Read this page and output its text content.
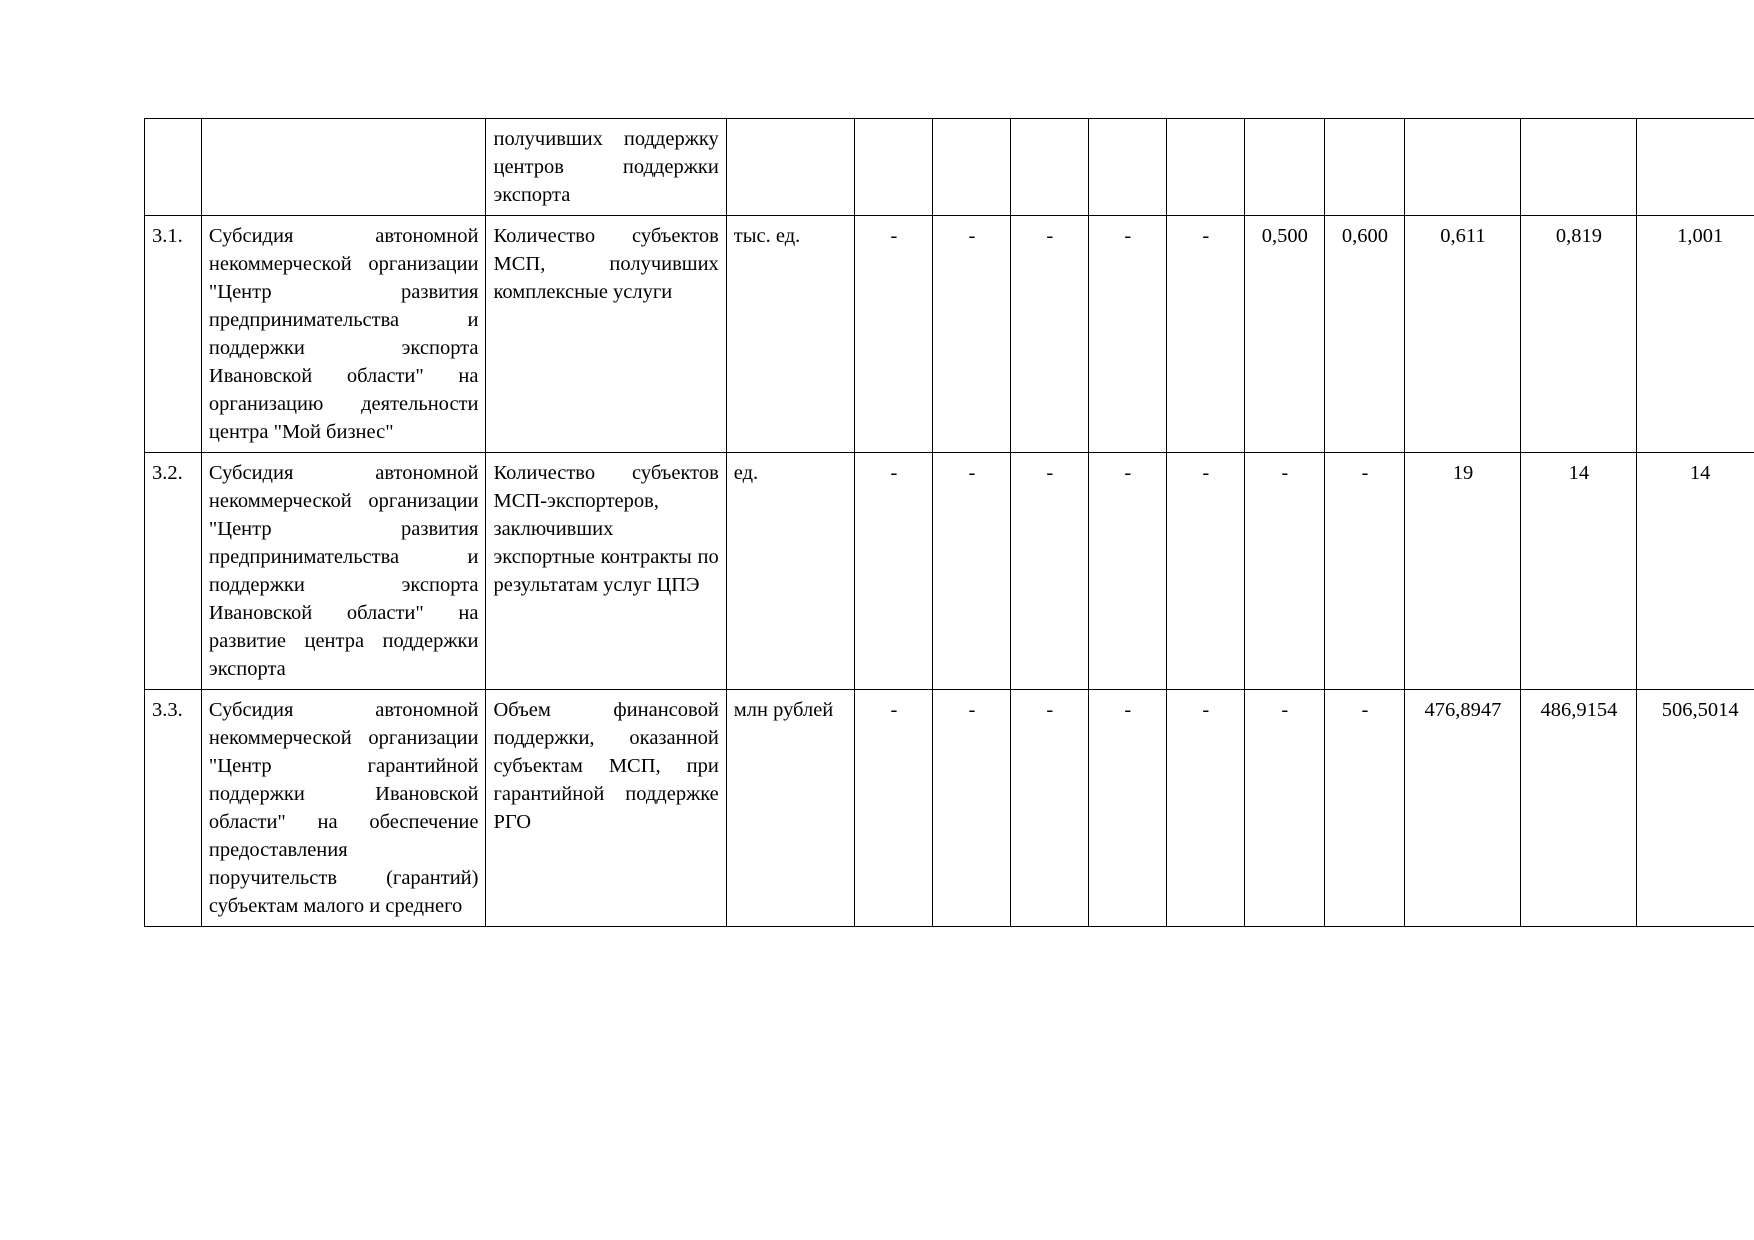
		получивших поддержку центров поддержки экспорта											
3.1.	Субсидия автономной некоммерческой организации "Центр развития предпринимательства и поддержки экспорта Ивановской области" на организацию деятельности центра "Мой бизнес"	Количество субъектов МСП, получивших комплексные услуги	тыс. ед.	-	-	-	-	-	0,500	0,600	0,611	0,819	1,001
3.2.	Субсидия автономной некоммерческой организации "Центр развития предпринимательства и поддержки экспорта Ивановской области" на развитие центра поддержки экспорта	Количество субъектов МСП-экспортеров, заключивших экспортные контракты по результатам услуг ЦПЭ	ед.	-	-	-	-	-	-	-	19	14	14
3.3.	Субсидия автономной некоммерческой организации "Центр гарантийной поддержки Ивановской области" на обеспечение предоставления поручительств (гарантий) субъектам малого и среднего	Объем финансовой поддержки, оказанной субъектам МСП, при гарантийной поддержке РГО	млн рублей	-	-	-	-	-	-	-	476,8947	486,9154	506,5014
